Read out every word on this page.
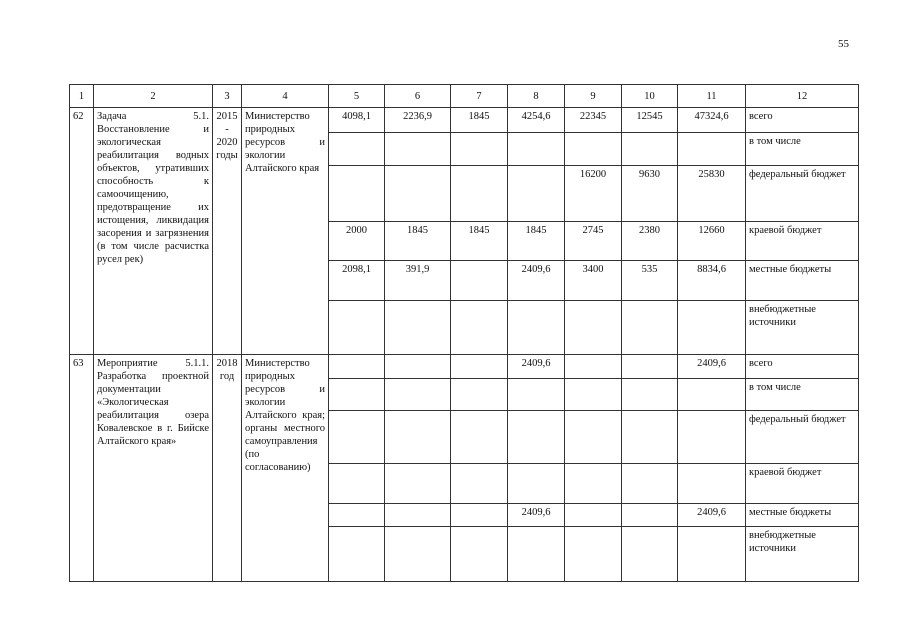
55
1	2	3	4	5	6	7	8	9	10	11	12
62	Задача 5.1. Восстановление и экологическая реабилитация водных объектов, утративших способность к самоочищению, предотвращение их истощения, ликвидация засорения и загрязнения (в том числе расчистка русел рек)	2015 - 2020 годы	Министерство природных ресурсов и экологии Алтайского края	4098,1	2236,9	1845	4254,6	22345	12545	47324,6	всего
											в том числе
								16200	9630	25830	федеральный бюджет
				2000	1845	1845	1845	2745	2380	12660	краевой бюджет
				2098,1	391,9		2409,6	3400	535	8834,6	местные бюджеты
											внебюджетные источники
63	Мероприятие 5.1.1. Разработка проектной документации «Экологическая реабилитация озера Ковалевское в г. Бийске Алтайского края»	2018 год	Министерство природных ресурсов и экологии Алтайского края; органы местного самоуправления (по согласованию)				2409,6			2409,6	всего
											в том числе
											федеральный бюджет
											краевой бюджет
							2409,6			2409,6	местные бюджеты
											внебюджетные источники
